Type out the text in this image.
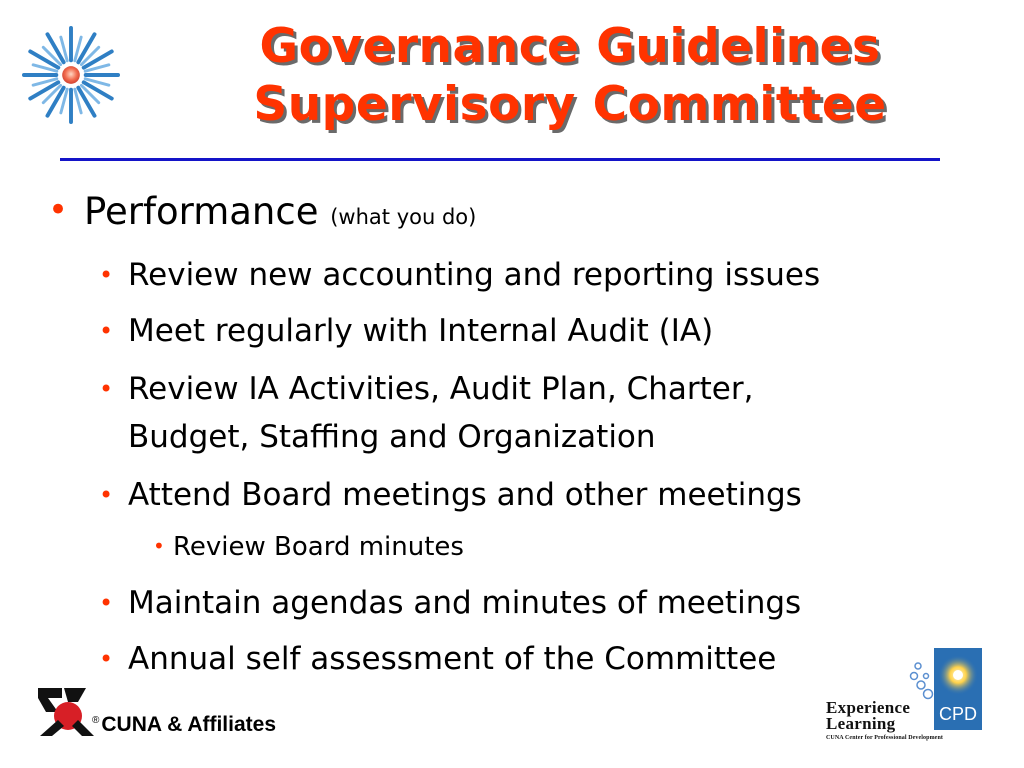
Governance Guidelines
Supervisory Committee
• Performance (what you do)
• Review new accounting and reporting issues
• Meet regularly with Internal Audit (IA)
• Review IA Activities, Audit Plan, Charter,
Budget, Staffing and Organization
• Attend Board meetings and other meetings
• Review Board minutes
• Maintain agendas and minutes of meetings
• Annual self assessment of the Committee
®CUNA & Affiliates	CPD
Experience
Learning
CUNA Center for Professional Development
